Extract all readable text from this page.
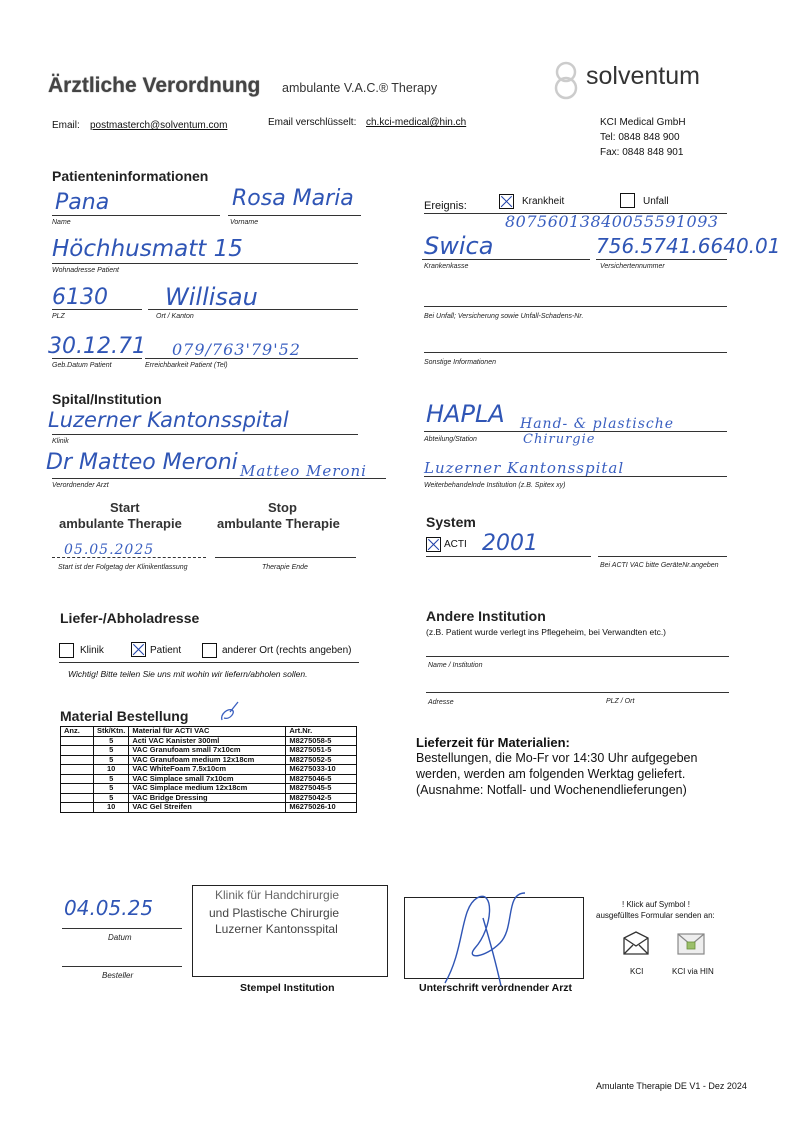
Ärztliche Verordnung ambulante V.A.C.® Therapy	solventum
Email: postmasterch@solventum.com	Email verschlüsselt: ch.kci-medical@hin.ch	KCI Medical GmbH
Tel: 0848 848 900
Fax: 0848 848 901
Patienteninformationen
Pana
Name
Rosa Maria
Vorname
Höchhusmatt 15
Wohnadresse Patient
6130
PLZ
Willisau
Ort / Kanton
30.12.71
Geb.Datum Patient
079/763'79'52
Erreichbarkeit Patient (Tel)
Ereignis:	Krankheit	Unfall
Swica
Krankenkasse
80756013840055591093
756.5741.6640.01
Versichertennummer
Bei Unfall; Versicherung sowie Unfall-Schadens-Nr.
Sonstige Informationen
Spital/Institution
Luzerner Kantonsspital
Klinik
Dr Matteo Meroni Matteo Meroni
Verordnender Arzt
HAPLA Hand- & plastische
Chirurgie
Abteilung/Station
Luzerner Kantonsspital
Weiterbehandelnde Institution (z.B. Spitex xy)
Start
ambulante Therapie
Stop
ambulante Therapie
05.05.2025
Start ist der Folgetag der Klinikentlassung	Therapie Ende
System
ACTI 2001
Bei ACTI VAC bitte GeräteNr.angeben
Liefer-/Abholadresse
Klinik	Patient	anderer Ort (rechts angeben)
Wichtig! Bitte teilen Sie uns mit wohin wir liefern/abholen sollen.
Andere Institution
(z.B. Patient wurde verlegt ins Pflegeheim, bei Verwandten etc.)
Name / Institution
Adresse	PLZ / Ort
Material Bestellung
Anz.	Stk/Ktn.	Material für ACTI VAC	Art.Nr.
	5	Acti VAC Kanister 300ml	M8275058-5
	5	VAC Granufoam small 7x10cm	M8275051-5
	5	VAC Granufoam medium 12x18cm	M8275052-5
	10	VAC WhiteFoam 7.5x10cm	M6275033-10
	5	VAC Simplace small 7x10cm	M8275046-5
	5	VAC Simplace medium 12x18cm	M8275045-5
	5	VAC Bridge Dressing	M8275042-5
	10	VAC Gel Streifen	M6275026-10
Lieferzeit für Materialien:
Bestellungen, die Mo-Fr vor 14:30 Uhr aufgegeben
werden, werden am folgenden Werktag geliefert.
(Ausnahme: Notfall- und Wochenendlieferungen)
04.05.25
Datum
Besteller
Klinik für Handchirurgie
und Plastische Chirurgie
Luzerner Kantonsspital
Stempel Institution	Unterschrift verordnender Arzt
! Klick auf Symbol !
ausgefülltes Formular senden an:
KCI	KCI via HIN
Amulante Therapie DE V1 - Dez 2024
